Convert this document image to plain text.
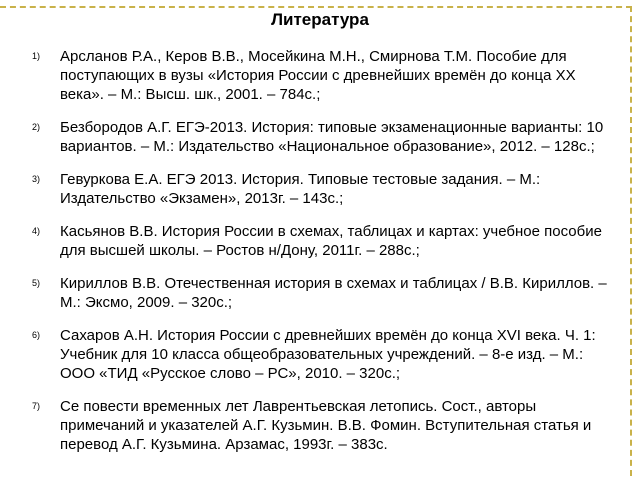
Литература
1)	Арсланов Р.А., Керов В.В., Мосейкина М.Н., Смирнова Т.М. Пособие для поступающих в вузы «История России с древнейших времён до конца ХХ века». – М.: Высш. шк., 2001. – 784с.;
2)	Безбородов А.Г. ЕГЭ-2013. История: типовые экзаменационные варианты: 10 вариантов. – М.: Издательство «Национальное образование», 2012. – 128с.;
3)	Гевуркова Е.А. ЕГЭ 2013. История. Типовые тестовые задания. – М.: Издательство «Экзамен», 2013г. – 143с.;
4)	Касьянов В.В. История России в схемах, таблицах и картах: учебное пособие для высшей школы. – Ростов н/Дону, 2011г. – 288с.;
5)	Кириллов В.В. Отечественная история в схемах и таблицах / В.В. Кириллов. – М.: Эксмо, 2009. – 320с.;
6)	Сахаров А.Н. История России с древнейших времён до конца XVI века. Ч. 1: Учебник для 10 класса общеобразовательных учреждений. – 8-е изд. – М.: ООО «ТИД «Русское слово – РС», 2010. – 320с.;
7)	Се повести временных лет Лаврентьевская летопись. Сост., авторы примечаний и указателей А.Г. Кузьмин. В.В. Фомин. Вступительная статья и перевод А.Г. Кузьмина. Арзамас, 1993г. – 383с.
